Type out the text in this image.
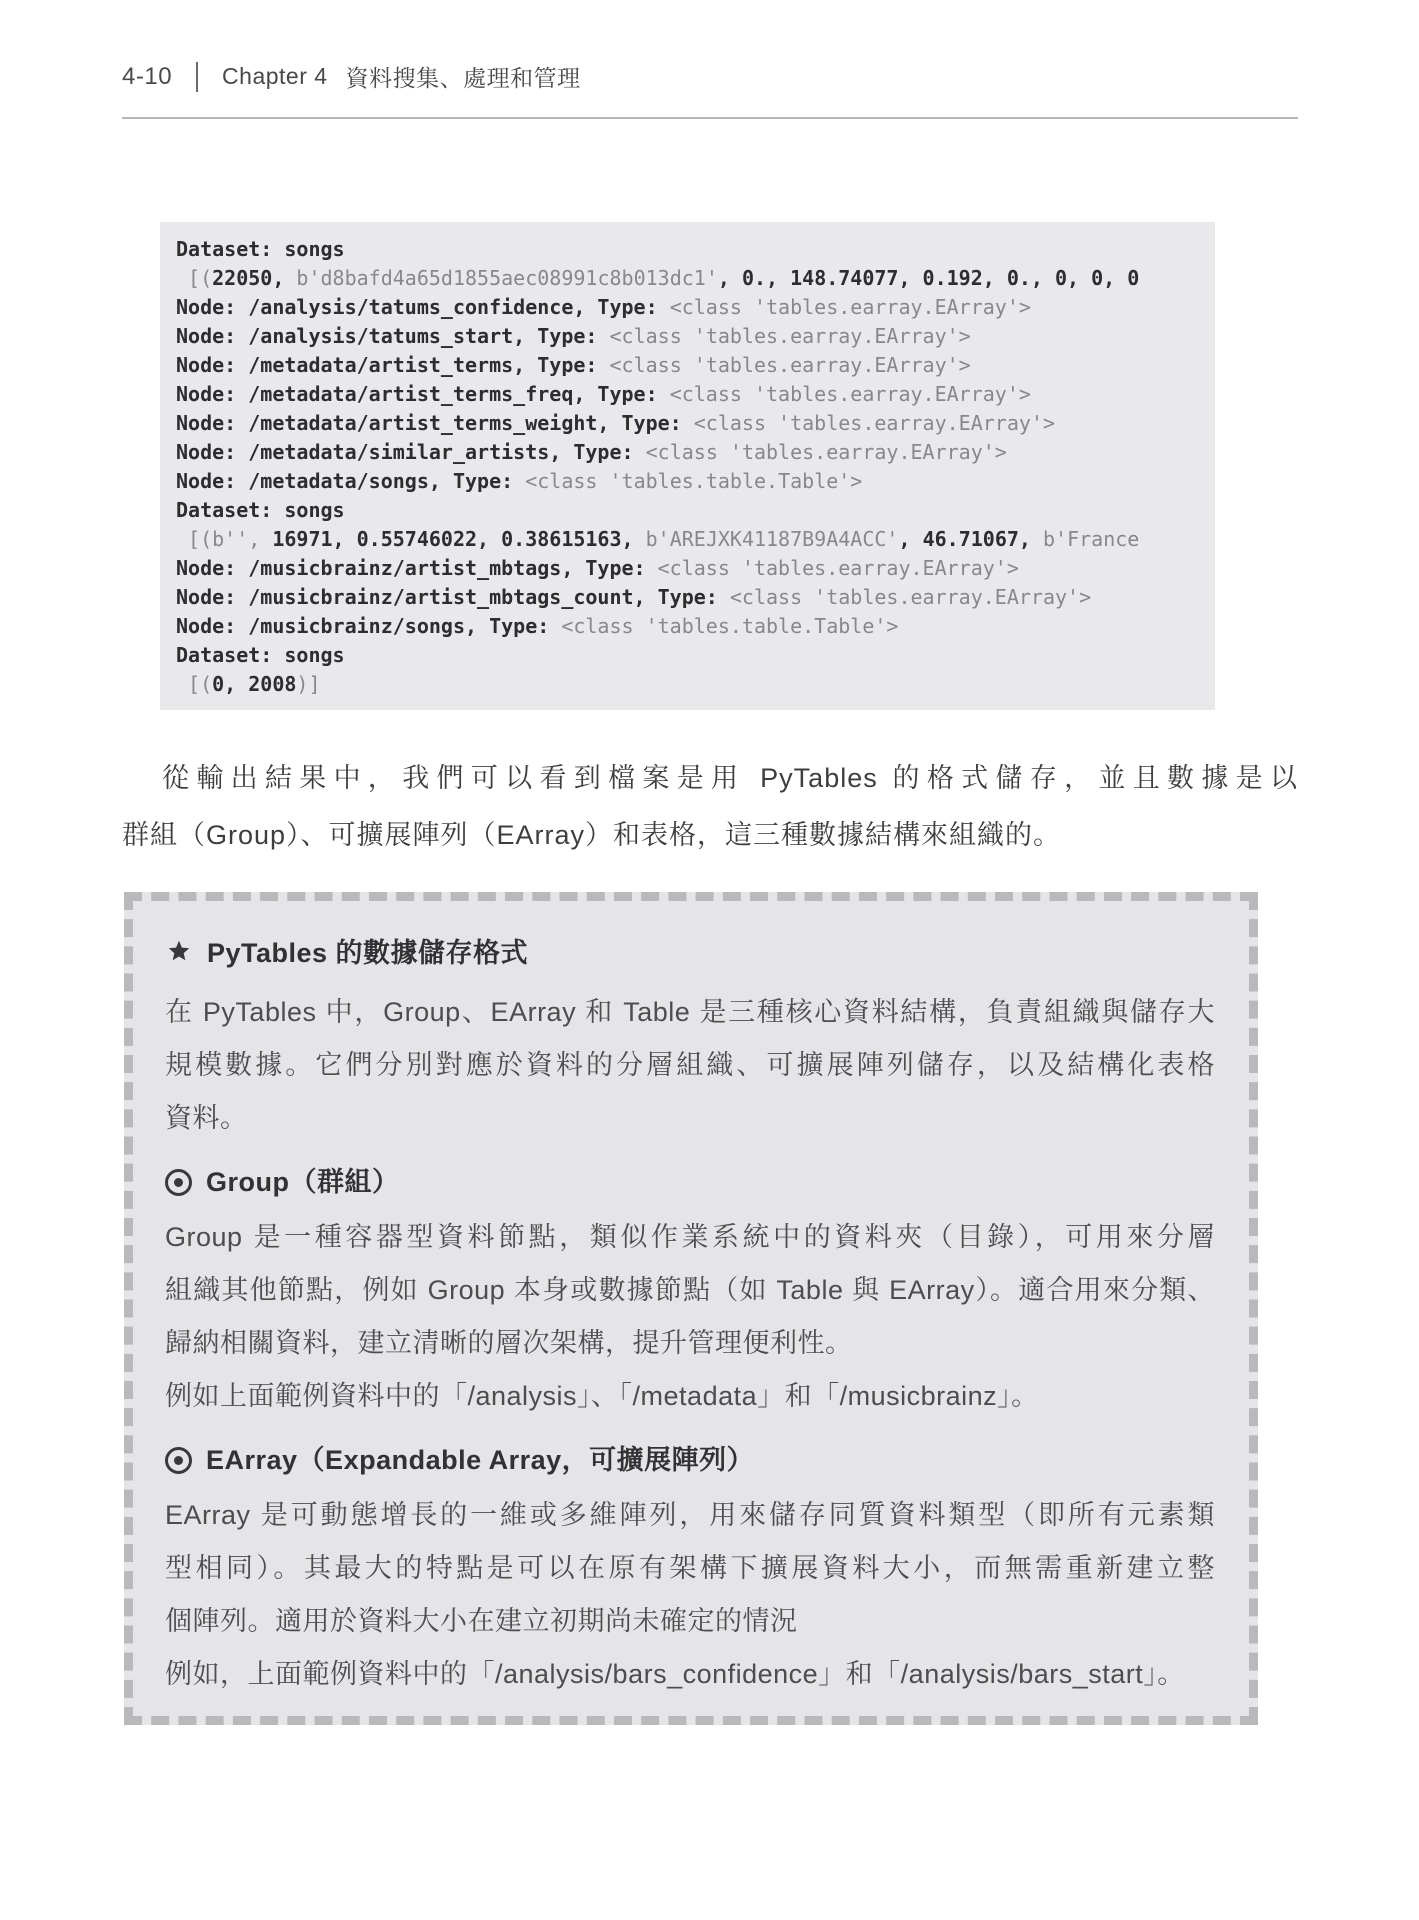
4-10 Chapter 4 資料搜集、處理和管理
Dataset: songs
[(22050, b'd8bafd4a65d1855aec08991c8b013dc1', 0., 148.74077, 0.192, 0., 0, 0, 0
Node: /analysis/tatums_confidence, Type: <class 'tables.earray.EArray'>
Node: /analysis/tatums_start, Type: <class 'tables.earray.EArray'>
Node: /metadata/artist_terms, Type: <class 'tables.earray.EArray'>
Node: /metadata/artist_terms_freq, Type: <class 'tables.earray.EArray'>
Node: /metadata/artist_terms_weight, Type: <class 'tables.earray.EArray'>
Node: /metadata/similar_artists, Type: <class 'tables.earray.EArray'>
Node: /metadata/songs, Type: <class 'tables.table.Table'>
Dataset: songs
[(b'', 16971, 0.55746022, 0.38615163, b'AREJXK41187B9A4ACC', 46.71067, b'France
Node: /musicbrainz/artist_mbtags, Type: <class 'tables.earray.EArray'>
Node: /musicbrainz/artist_mbtags_count, Type: <class 'tables.earray.EArray'>
Node: /musicbrainz/songs, Type: <class 'tables.table.Table'>
Dataset: songs
[(0, 2008)]
從輸出結果中，我們可以看到檔案是用 PyTables 的格式儲存，並且數據是以
群組（Group）、可擴展陣列（EArray）和表格，這三種數據結構來組織的。
PyTables 的數據儲存格式
在 PyTables 中，Group、EArray 和 Table 是三種核心資料結構，負責組織與儲存大
規模數據。它們分別對應於資料的分層組織、可擴展陣列儲存，以及結構化表格
資料。
Group（群組）
Group 是一種容器型資料節點，類似作業系統中的資料夾（目錄），可用來分層
組織其他節點，例如 Group 本身或數據節點（如 Table 與 EArray）。適合用來分類、
歸納相關資料，建立清晰的層次架構，提升管理便利性。
例如上面範例資料中的「/analysis」、「/metadata」和「/musicbrainz」。
EArray（Expandable Array，可擴展陣列）
EArray 是可動態增長的一維或多維陣列，用來儲存同質資料類型（即所有元素類
型相同）。其最大的特點是可以在原有架構下擴展資料大小，而無需重新建立整
個陣列。適用於資料大小在建立初期尚未確定的情況
例如，上面範例資料中的「/analysis/bars_confidence」和「/analysis/bars_start」。
